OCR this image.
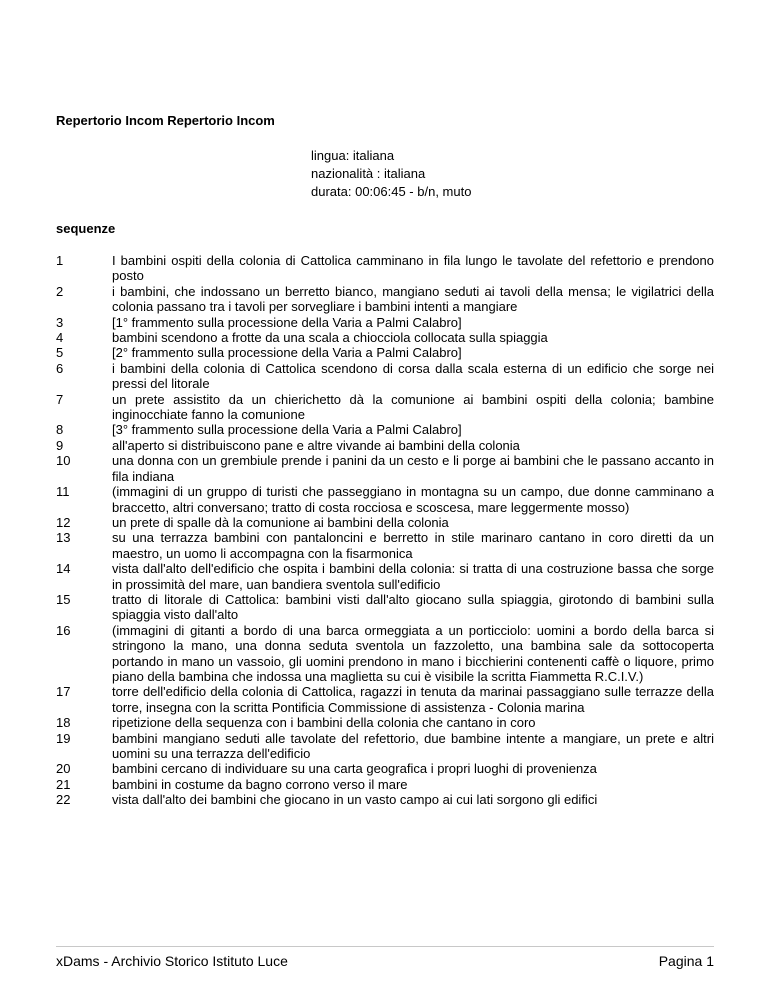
Repertorio Incom Repertorio Incom
lingua: italiana
nazionalità : italiana
durata: 00:06:45 - b/n, muto
sequenze
1	I bambini ospiti della colonia di Cattolica camminano in fila lungo le tavolate del refettorio e prendono posto
2	i bambini, che indossano un berretto bianco, mangiano seduti ai tavoli della mensa; le vigilatrici della colonia passano tra i tavoli per sorvegliare i bambini intenti a mangiare
3	[1° frammento sulla processione della Varia a Palmi Calabro]
4	bambini scendono a frotte da una scala a chiocciola collocata sulla spiaggia
5	[2° frammento sulla processione della Varia a Palmi Calabro]
6	i bambini della colonia di Cattolica scendono di corsa dalla scala esterna di un edificio che sorge nei pressi del litorale
7	un prete assistito da un chierichetto dà la comunione ai bambini ospiti della colonia; bambine inginocchiate fanno la comunione
8	[3° frammento sulla processione della Varia a Palmi Calabro]
9	all'aperto si distribuiscono pane e altre vivande ai bambini della colonia
10	una donna con un grembiule prende i panini da un cesto e li porge ai bambini che le passano accanto in fila indiana
11	(immagini di un gruppo di turisti che passeggiano in montagna su un campo, due donne camminano a braccetto, altri conversano; tratto di costa rocciosa e scoscesa, mare leggermente mosso)
12	un prete di spalle dà la comunione ai bambini della colonia
13	su una terrazza bambini con pantaloncini e berretto in stile marinaro cantano in coro diretti da un maestro, un uomo li accompagna con la fisarmonica
14	vista dall'alto dell'edificio che ospita i bambini della colonia: si tratta di una costruzione bassa che sorge in prossimità del mare, uan bandiera sventola sull'edificio
15	tratto di litorale di Cattolica: bambini visti dall'alto giocano sulla spiaggia, girotondo di bambini sulla spiaggia visto dall'alto
16	(immagini di gitanti a bordo di una barca ormeggiata a un porticciolo: uomini a bordo della barca si stringono la mano, una donna seduta sventola un fazzoletto, una bambina sale da sottocoperta portando in mano un vassoio, gli uomini prendono in mano i bicchierini contenenti caffè o liquore, primo piano della bambina che indossa una maglietta su cui è visibile la scritta Fiammetta R.C.I.V.)
17	torre dell'edificio della colonia di Cattolica, ragazzi in tenuta da marinai passaggiano sulle terrazze della torre, insegna con la scritta Pontificia Commissione di assistenza - Colonia marina
18	ripetizione della sequenza con i bambini della colonia che cantano in coro
19	bambini mangiano seduti alle tavolate del refettorio, due bambine intente a mangiare, un prete e altri uomini su una terrazza dell'edificio
20	bambini cercano di individuare su una carta geografica i propri luoghi di provenienza
21	bambini in costume da bagno corrono verso il mare
22	vista dall'alto dei bambini che giocano in un vasto campo ai cui lati sorgono gli edifici
xDams - Archivio Storico Istituto Luce	Pagina 1
